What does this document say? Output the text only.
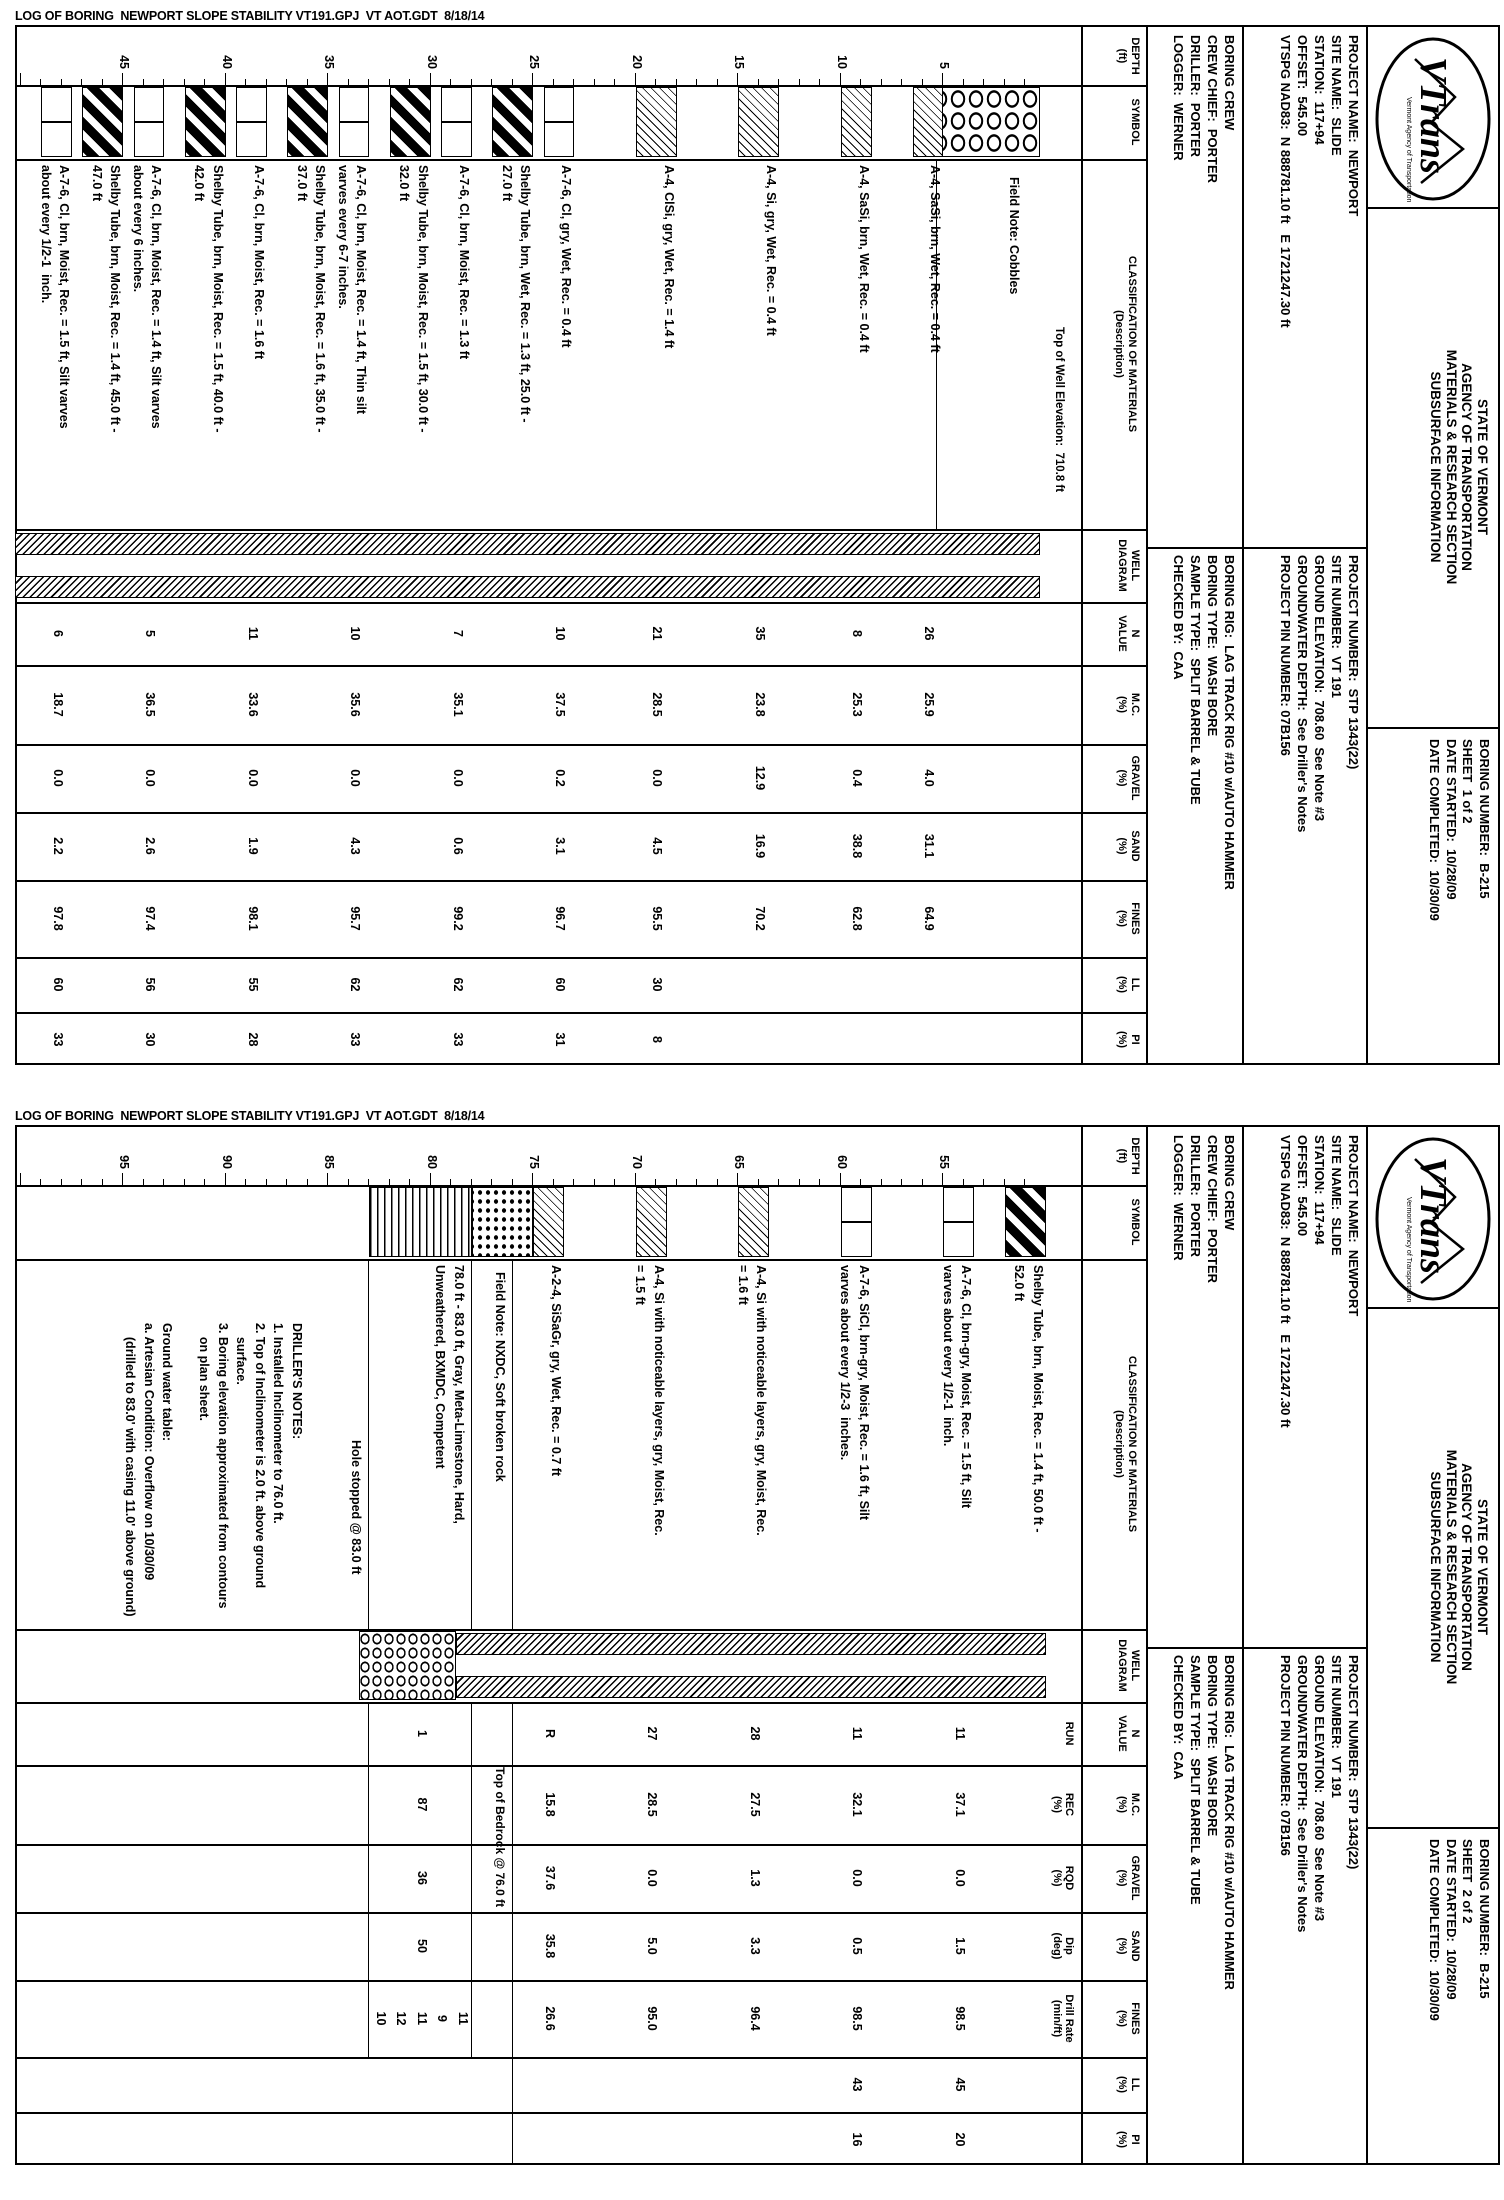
LOG OF BORING  NEWPORT SLOPE STABILITY VT191.GPJ  VT AOT.GDT  8/18/14
VTrans
Vermont Agency of Transportation
STATE OF VERMONT
AGENCY OF TRANSPORTATION
MATERIALS & RESEARCH SECTION
SUBSURFACE INFORMATION
BORING NUMBER:  B-215
SHEET  1 of 2
DATE STARTED:  10/28/09
DATE COMPLETED:  10/30/09
PROJECT NAME:  NEWPORT
SITE NAME:  SLIDE
STATION:  117+94
OFFSET:  545.00
VTSPG NAD83:  N 888781.10 ft   E 1721247.30 ft
PROJECT NUMBER:  STP 1343(22)
SITE NUMBER:  VT 191
GROUND ELEVATION:  708.60  See Note #3
GROUNDWATER DEPTH:  See Driller's Notes
PROJECT PIN NUMBER: 07B156
BORING CREW
CREW CHIEF:  PORTER
DRILLER:  PORTER
LOGGER:  WERNER
BORING RIG:  LAG TRACK RIG #10 w/AUTO HAMMER
BORING TYPE:  WASH BORE
SAMPLE TYPE:  SPLIT BARREL & TUBE
CHECKED BY:  CAA
DEPTH
(ft)
SYMBOL
CLASSIFICATION OF MATERIALS
(Description)
WELL
DIAGRAM
N
VALUE
M.C.
(%)
GRAVEL
(%)
SAND
(%)
FINES
(%)
LL
(%)
PI
(%)
5
10
15
20
25
30
35
40
45
Top of Well Elevation:  710.8 ft
Field Note: Cobbles
A-4, SaSi, brn, Wet, Rec. = 0.4 ft
26
25.9
4.0
31.1
64.9
A-4, SaSi, brn, Wet, Rec. = 0.4 ft
8
25.3
0.4
38.8
62.8
A-4, Si, gry, Wet, Rec. = 0.4 ft
35
23.8
12.9
16.9
70.2
A-4, ClSi, gry, Wet, Rec. = 1.4 ft
21
28.5
0.0
4.5
95.5
30
8
A-7-6, Cl, gry, Wet, Rec. = 0.4 ft
10
37.5
0.2
3.1
96.7
60
31
Shelby Tube, brn, Wet, Rec. = 1.3 ft, 25.0 ft -
27.0 ft
A-7-6, Cl, brn, Moist, Rec. = 1.3 ft
7
35.1
0.0
0.6
99.2
62
33
Shelby Tube, brn, Moist, Rec. = 1.5 ft, 30.0 ft -
32.0 ft
A-7-6, Cl, brn, Moist, Rec. = 1.4 ft, Thin silt
varves every 6-7 inches.
10
35.6
0.0
4.3
95.7
62
33
Shelby Tube, brn, Moist, Rec. = 1.6 ft, 35.0 ft -
37.0 ft
A-7-6, Cl, brn, Moist, Rec. = 1.6 ft
11
33.6
0.0
1.9
98.1
55
28
Shelby Tube, brn, Moist, Rec. = 1.5 ft, 40.0 ft -
42.0 ft
A-7-6, Cl, brn, Moist, Rec. = 1.4 ft, Silt varves
about every 6 inches.
5
36.5
0.0
2.6
97.4
56
30
Shelby Tube, brn, Moist, Rec. = 1.4 ft, 45.0 ft -
47.0 ft
A-7-6, Cl, brn, Moist, Rec. = 1.5 ft, Silt varves
about every 1/2-1  inch.
6
18.7
0.0
2.2
97.8
60
33
LOG OF BORING  NEWPORT SLOPE STABILITY VT191.GPJ  VT AOT.GDT  8/18/14
VTrans
Vermont Agency of Transportation
STATE OF VERMONT
AGENCY OF TRANSPORTATION
MATERIALS & RESEARCH SECTION
SUBSURFACE INFORMATION
BORING NUMBER:  B-215
SHEET  2 of 2
DATE STARTED:  10/28/09
DATE COMPLETED:  10/30/09
PROJECT NAME:  NEWPORT
SITE NAME:  SLIDE
STATION:  117+94
OFFSET:  545.00
VTSPG NAD83:  N 888781.10 ft   E 1721247.30 ft
PROJECT NUMBER:  STP 1343(22)
SITE NUMBER:  VT 191
GROUND ELEVATION:  708.60  See Note #3
GROUNDWATER DEPTH:  See Driller's Notes
PROJECT PIN NUMBER: 07B156
BORING CREW
CREW CHIEF:  PORTER
DRILLER:  PORTER
LOGGER:  WERNER
BORING RIG:  LAG TRACK RIG #10 w/AUTO HAMMER
BORING TYPE:  WASH BORE
SAMPLE TYPE:  SPLIT BARREL & TUBE
CHECKED BY:  CAA
DEPTH
(ft)
SYMBOL
CLASSIFICATION OF MATERIALS
(Description)
WELL
DIAGRAM
N
VALUE
M.C.
(%)
GRAVEL
(%)
SAND
(%)
FINES
(%)
LL
(%)
PI
(%)
55
60
65
70
75
80
85
90
95
Field Note: NXDC, Soft broken rock	Shelby Tube, brn, Moist, Rec. = 1.4 ft, 50.0 ft -
52.0 ft
A-7-6, Cl, brn-gry, Moist, Rec. = 1.5 ft, Silt
varves about every 1/2-1  inch.
11
37.1
0.0
1.5
98.5
45
20
A-7-6, SiCl, brn-gry, Moist, Rec. = 1.6 ft, Silt
varves about every 1/2-3  inches.
11
32.1
0.0
0.5
98.5
43
16
A-4, Si with noticeable layers, gry, Moist, Rec.
= 1.6 ft
28
27.5
1.3
3.3
96.4
A-4, Si with noticeable layers, gry, Moist, Rec.
= 1.5 ft
27
28.5
0.0
5.0
95.0
A-2-4, SiSaGr, gry, Wet, Rec. = 0.7 ft
R
15.8
37.6
35.8
26.6
RUN
REC
(%)
RQD
(%)
Dip
(deg)
Drill Rate
(min/ft)
78.0 ft - 83.0 ft, Gray, Meta-Limestone, Hard,
Unweathered, BXMDC, Competent
Top of Bedrock @ 76.0 ft
1
87
36
50
11
9
11
12
10
Hole stopped @ 83.0 ft
DRILLER'S NOTES:
1. Installed Inclinometer to 76.0 ft.
2. Top of Inclinometer is 2.0 ft. above ground
surface.
3. Boring elevation approximated from contours
on plan sheet.
Ground water table:
a. Artesian Condition: Overflow on 10/30/09
(drilled to 83.0' with casing 11.0' above ground)
